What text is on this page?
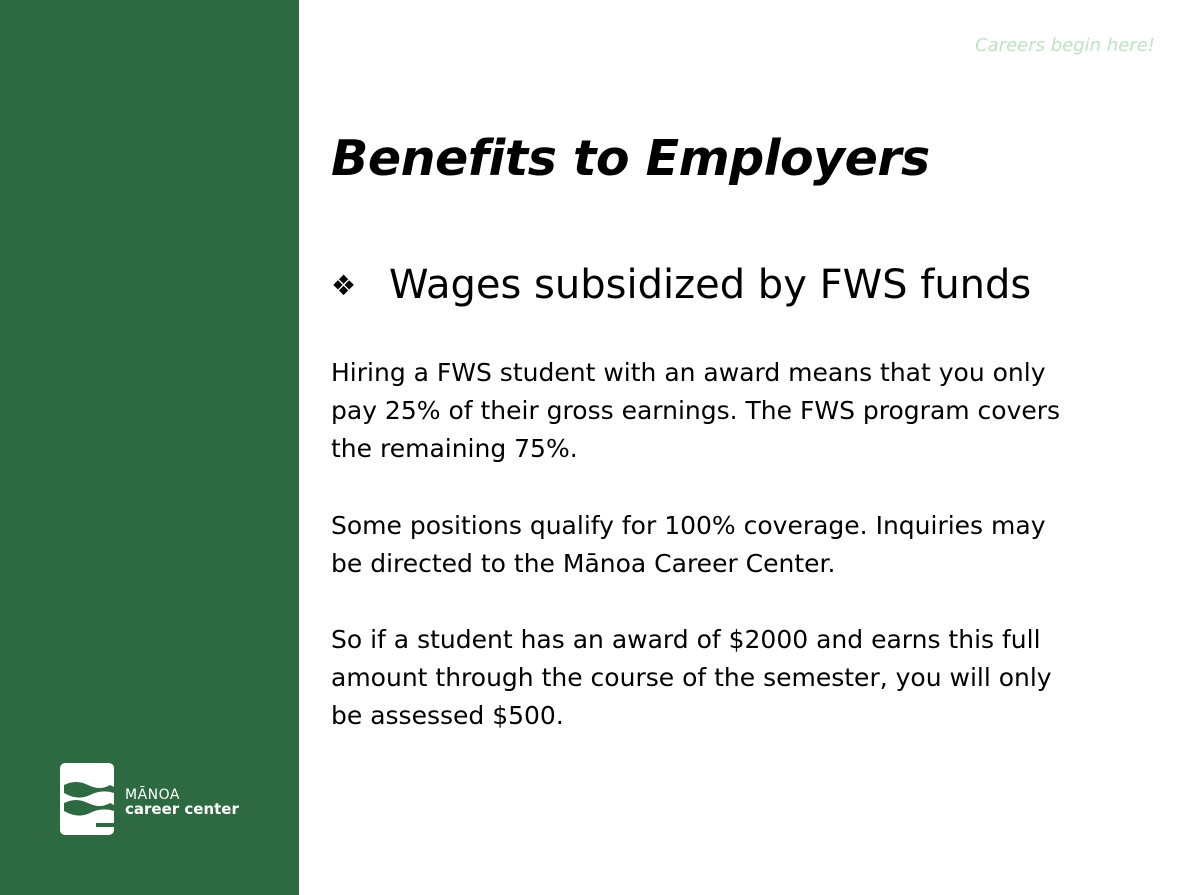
MĀNOA
career center
Careers begin here!
Benefits to Employers
❖ Wages subsidized by FWS funds

Hiring a FWS student with an award means that you only pay 25% of their gross earnings. The FWS program covers the remaining 75%.

Some positions qualify for 100% coverage. Inquiries may be directed to the Mānoa Career Center.

So if a student has an award of $2000 and earns this full amount through the course of the semester, you will only be assessed $500.
